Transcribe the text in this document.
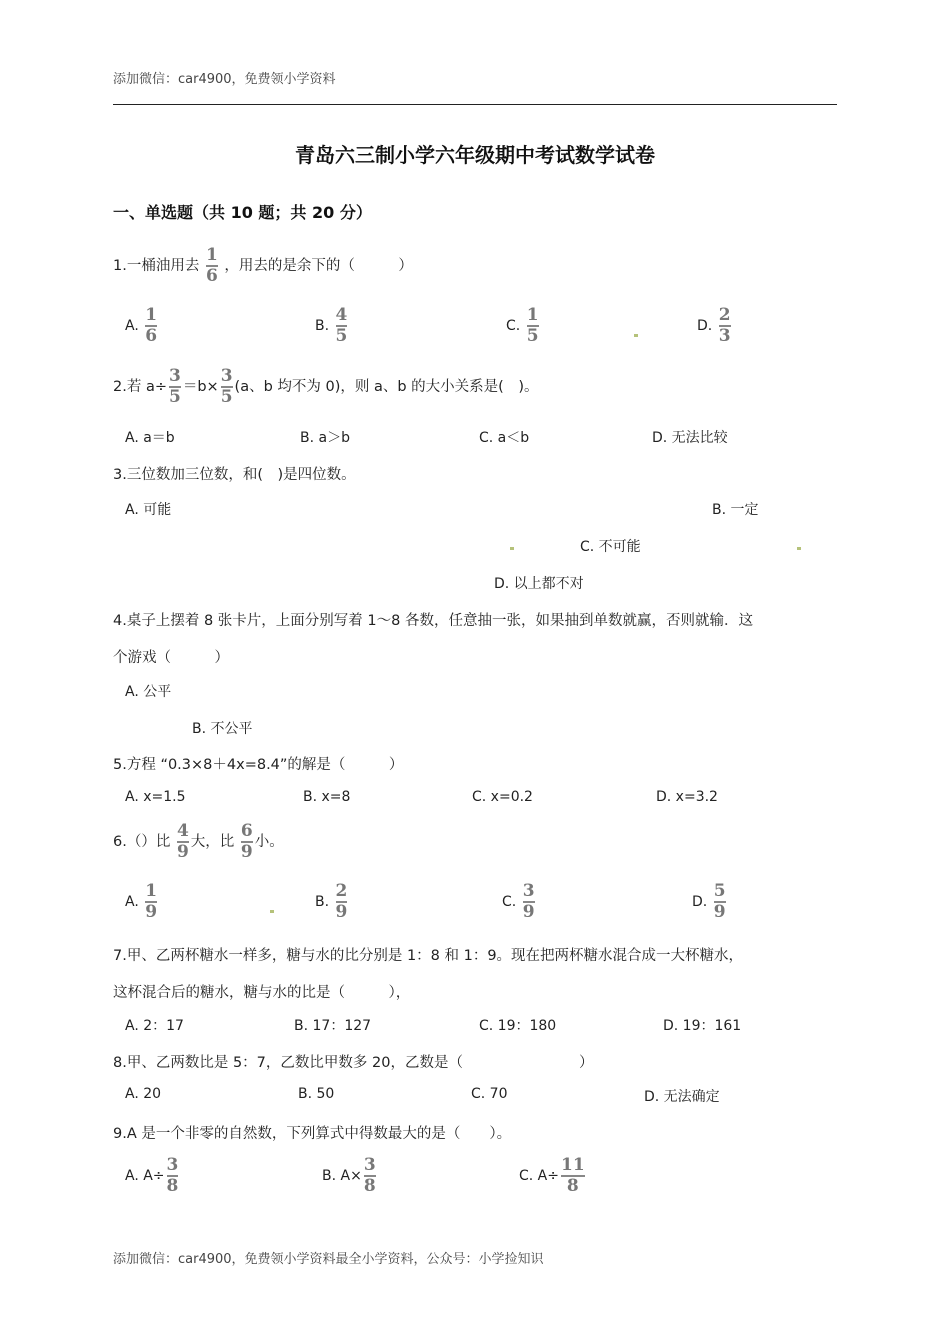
添加微信：car4900，免费领小学资料
青岛六三制小学六年级期中考试数学试卷
一、单选题（共 10 题；共 20 分）
1.一桶油用去 $\frac{1}{6}$ ，用去的是余下的（　　　）
A. $\frac{1}{6}$	B. $\frac{4}{5}$	C. $\frac{1}{5}$	D. $\frac{2}{3}$
2.若 $a\div \frac{3}{5} =b\times \frac{3}{5} (a$、b 均不为 0)，则 a、b 的大小关系是(　)。
A. a＝b	B. a＞b	C. a＜b	D. 无法比较
3.三位数加三位数，和(　)是四位数。
A. 可能	B. 一定
C. 不可能
D. 以上都不对
4.桌子上摆着 8 张卡片，上面分别写着 1～8 各数，任意抽一张，如果抽到单数就赢，否则就输．这
个游戏（　　　）
A. 公平
B. 不公平
5.方程 “0.3×8＋4x=8.4”的解是（　　　）
A. x=1.5	B. x=8	C. x=0.2	D. x=3.2
6.（）比 $\frac{4}{9}$ 大，比 $\frac{6}{9}$ 小。
A. $\frac{1}{9}$	B. $\frac{2}{9}$	C. $\frac{3}{9}$	D. $\frac{5}{9}$
7.甲、乙两杯糖水一样多，糖与水的比分别是 1：8 和 1：9。现在把两杯糖水混合成一大杯糖水，
这杯混合后的糖水，糖与水的比是（　　　），
A. 2：17	B. 17：127	C. 19：180	D. 19：161
8.甲、乙两数比是 5：7，乙数比甲数多 20，乙数是（　　　　　　　　）
A. 20	B. 50	C. 70	D. 无法确定
9.A 是一个非零的自然数，下列算式中得数最大的是（　　）。
A. $A\div \frac{3}{8}$	B. $A\times \frac{3}{8}$	C. $A\div \frac{11}{8}$
添加微信：car4900，免费领小学资料最全小学资料，公众号：小学捡知识
